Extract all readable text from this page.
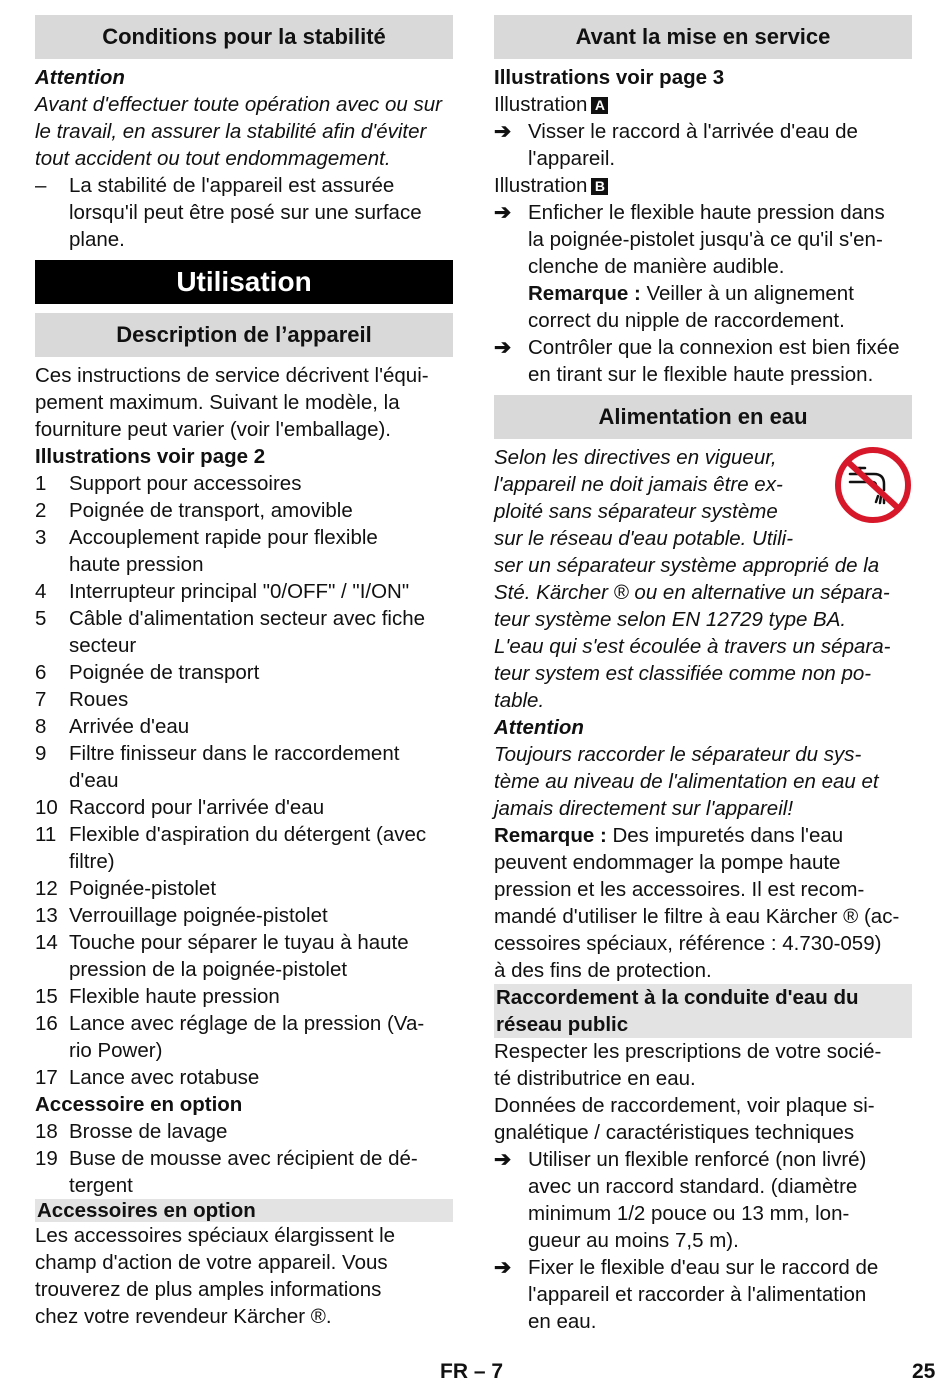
Conditions pour la stabilité
Attention
Avant d'effectuer toute opération avec ou sur
le travail, en assurer la stabilité afin d'éviter
tout accident ou tout endommagement.
– La stabilité de l'appareil est assurée
lorsqu'il peut être posé sur une surface
plane.
Utilisation
Description de l’appareil
Ces instructions de service décrivent l'équi-
pement maximum. Suivant le modèle, la
fourniture peut varier (voir l'emballage).
Illustrations voir page 2
1 Support pour accessoires
2 Poignée de transport, amovible
3 Accouplement rapide pour flexible
haute pression
4 Interrupteur principal "0/OFF" / "I/ON"
5 Câble d'alimentation secteur avec fiche
secteur
6 Poignée de transport
7 Roues
8 Arrivée d'eau
9 Filtre finisseur dans le raccordement
d'eau
10 Raccord pour l'arrivée d'eau
11 Flexible d'aspiration du détergent (avec
filtre)
12 Poignée-pistolet
13 Verrouillage poignée-pistolet
14 Touche pour séparer le tuyau à haute
pression de la poignée-pistolet
15 Flexible haute pression
16 Lance avec réglage de la pression (Va-
rio Power)
17 Lance avec rotabuse
Accessoire en option
18 Brosse de lavage
19 Buse de mousse avec récipient de dé-
tergent
Accessoires en option
Les accessoires spéciaux élargissent le
champ d'action de votre appareil. Vous
trouverez de plus amples informations
chez votre revendeur Kärcher ®.
Avant la mise en service
Illustrations voir page 3
Illustration A
➔ Visser le raccord à l'arrivée d'eau de
l'appareil.
Illustration B
➔ Enficher le flexible haute pression dans
la poignée-pistolet jusqu'à ce qu'il s'en-
clenche de manière audible.
Remarque : Veiller à un alignement
correct du nipple de raccordement.
➔ Contrôler que la connexion est bien fixée
en tirant sur le flexible haute pression.
Alimentation en eau
Selon les directives en vigueur,
l'appareil ne doit jamais être ex-
ploité sans séparateur système
sur le réseau d'eau potable. Utili-
ser un séparateur système approprié de la
Sté. Kärcher ® ou en alternative un sépara-
teur système selon EN 12729 type BA.
L'eau qui s'est écoulée à travers un sépara-
teur system est classifiée comme non po-
table.
Attention
Toujours raccorder le séparateur du sys-
tème au niveau de l'alimentation en eau et
jamais directement sur l'appareil!
Remarque : Des impuretés dans l'eau
peuvent endommager la pompe haute
pression et les accessoires. Il est recom-
mandé d'utiliser le filtre à eau Kärcher ® (ac-
cessoires spéciaux, référence : 4.730-059)
à des fins de protection.
Raccordement à la conduite d'eau du
réseau public
Respecter les prescriptions de votre socié-
té distributrice en eau.
Données de raccordement, voir plaque si-
gnalétique / caractéristiques techniques
➔ Utiliser un flexible renforcé (non livré)
avec un raccord standard. (diamètre
minimum 1/2 pouce ou 13 mm, lon-
gueur au moins 7,5 m).
➔ Fixer le flexible d'eau sur le raccord de
l'appareil et raccorder à l'alimentation
en eau.
FR – 7	25
